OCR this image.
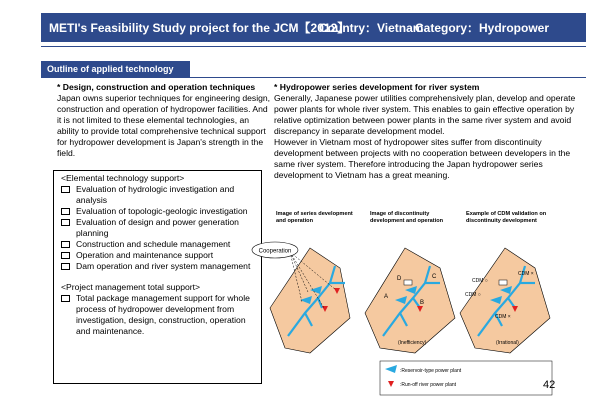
METI's Feasibility Study project for the JCM【2012】
Country：Vietnam
Category：Hydropower
Outline of applied technology
* Design, construction and operation techniques
Japan owns superior techniques for engineering design, construction and operation of hydropower facilities. And it is not limited to these elemental technologies, an ability to provide total comprehensive technical support for hydropower development is Japan's strength in the field.
<Elemental technology support>
Evaluation of hydrologic investigation and analysis
Evaluation of topologic-geologic investigation
Evaluation of design and power generation planning
Construction and schedule management
Operation and maintenance support
Dam operation and river system management
<Project management total support>
Total package management support for whole process of hydropower development from investigation, design, construction, operation and maintenance.
* Hydropower series development for river system
Generally, Japanese power utilities comprehensively plan, develop and operate power plants for whole river system. This enables to gain effective operation by relative optimization between power plants in the same river system and avoid discrepancy in separate development model.
However in Vietnam most of hydropower sites suffer from discontinuity development between projects with no cooperation between developers in the same river system. Therefore introducing the Japan hydropower series development to Vietnam has a great meaning.
Image of series development and operation
Image of discontinuity development and operation
Example of CDM validation on discontinuity development
Cooperation
D	C
B
A
CDM ×
CDM ○
CDM ○
CDM ×
(Inefficiency)	(Irrational)
:Reservoir-type power plant
:Run-off river power plant	42
